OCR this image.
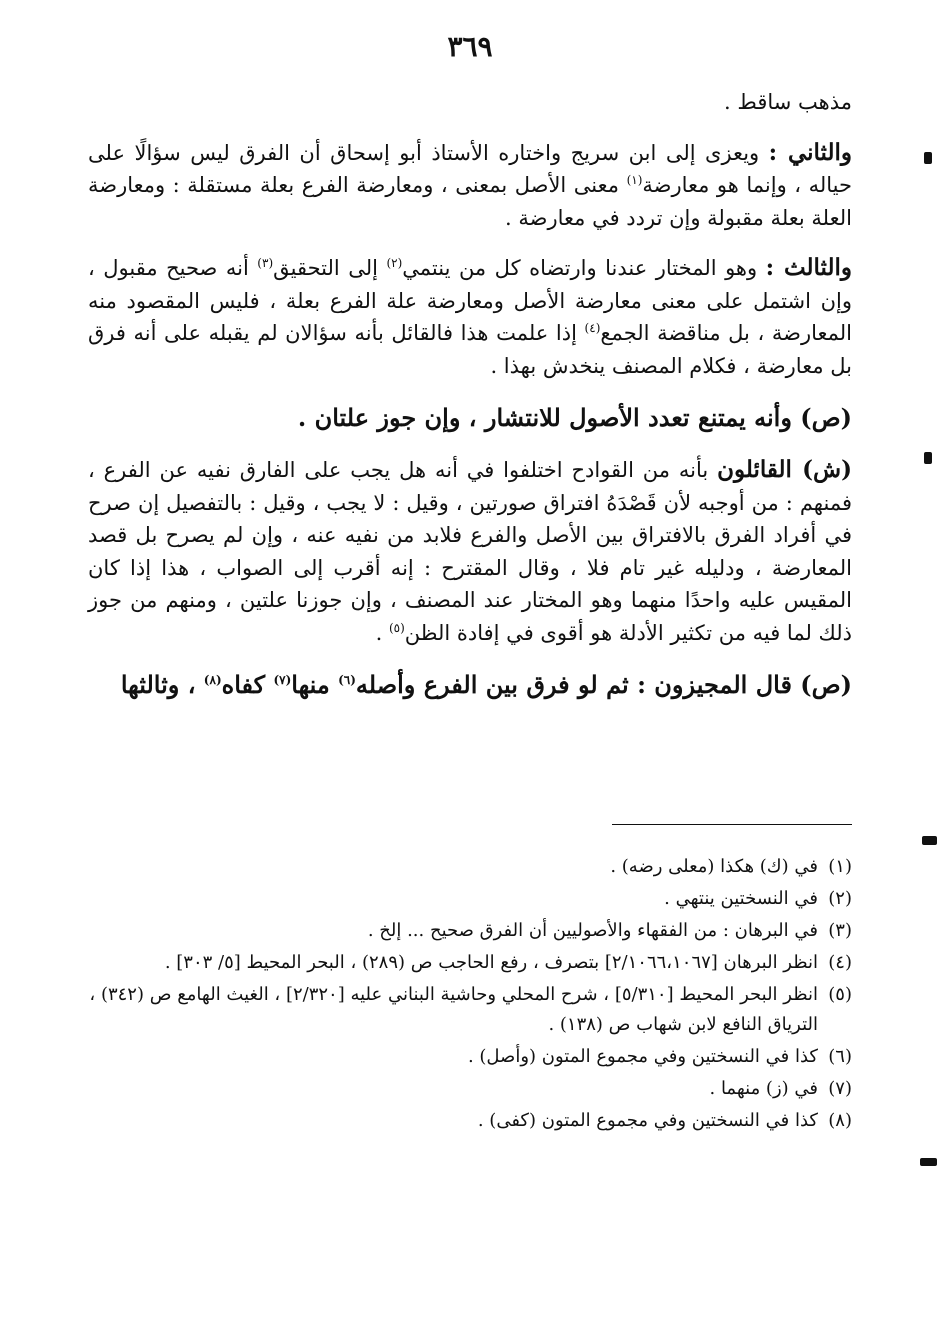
٣٦٩

مذهب ساقط .

والثاني : ويعزى إلى ابن سريج واختاره الأستاذ أبو إسحاق أن الفرق ليس سؤالًا على حياله ، وإنما هو معارضة$^{(١)}$ معنى الأصل بمعنى ، ومعارضة الفرع بعلة مستقلة : ومعارضة العلة بعلة مقبولة وإن تردد في معارضة .

والثالث : وهو المختار عندنا وارتضاه كل من ينتمي$^{(٢)}$ إلى التحقيق$^{(٣)}$ أنه صحيح مقبول ، وإن اشتمل على معنى معارضة الأصل ومعارضة علة الفرع بعلة ، فليس المقصود منه المعارضة ، بل مناقضة الجمع$^{(٤)}$ إذا علمت هذا فالقائل بأنه سؤالان لم يقبله على أنه فرق بل معارضة ، فكلام المصنف ينخدش بهذا .

(ص) وأنه يمتنع تعدد الأصول للانتشار ، وإن جوز علتان .

(ش) القائلون بأنه من القوادح اختلفوا في أنه هل يجب على الفارق نفيه عن الفرع ، فمنهم : من أوجبه لأن قَصْدَهُ افتراق صورتين ، وقيل : لا يجب ، وقيل : بالتفصيل إن صرح في أفراد الفرق بالافتراق بين الأصل والفرع فلابد من نفيه عنه ، وإن لم يصرح بل قصد المعارضة ، ودليله غير تام فلا ، وقال المقترح : إنه أقرب إلى الصواب ، هذا إذا كان المقيس عليه واحدًا منهما وهو المختار عند المصنف ، وإن جوزنا علتين ، ومنهم من جوز ذلك لما فيه من تكثير الأدلة هو أقوى في إفادة الظن$^{(٥)}$ .

(ص) قال المجيزون : ثم لو فرق بين الفرع وأصله$^{(٦)}$ منها$^{(٧)}$ كفاه$^{(٨)}$ ، وثالثها

(١)
في (ك) هكذا (معلى رضه) .
(٢)
في النسختين ينتهي .
(٣)
في البرهان : من الفقهاء والأصوليين أن الفرق صحيح ... إلخ .
(٤)
انظر البرهان [٢/١٠٦٦،١٠٦٧] بتصرف ، رفع الحاجب ص (٢٨٩) ، البحر المحيط [٥/ ٣٠٣] .
(٥)
انظر البحر المحيط [٥/٣١٠] ، شرح المحلي وحاشية البناني عليه [٢/٣٢٠] ، الغيث الهامع ص (٣٤٢) ، الترياق النافع لابن شهاب ص (١٣٨) .
(٦)
كذا في النسختين وفي مجموع المتون (وأصل) .
(٧)
في (ز) منهما .
(٨)
كذا في النسختين وفي مجموع المتون (كفى) .
